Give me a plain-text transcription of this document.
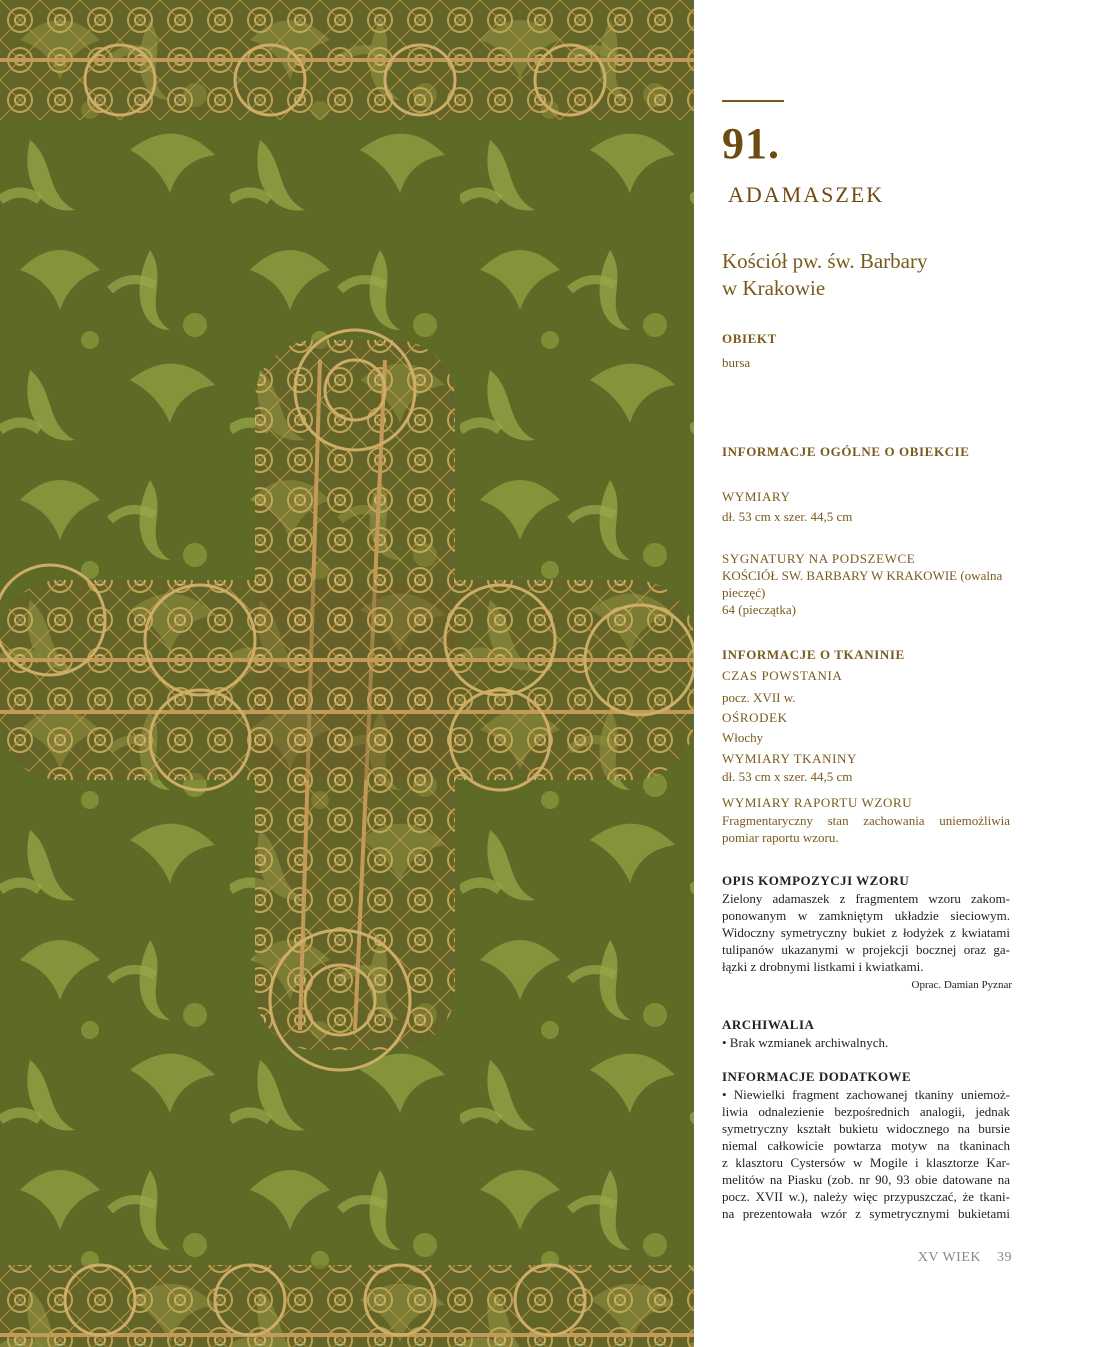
91.
ADAMASZEK
Kościół pw. św. Barbary
w Krakowie
OBIEKT
bursa
INFORMACJE OGÓLNE O OBIEKCIE
WYMIARY
dł. 53 cm x szer. 44,5 cm
SYGNATURY NA PODSZEWCE
KOŚCIÓŁ SW. BARBARY W KRAKOWIE (owalna
pieczęć)
64 (pieczątka)
INFORMACJE O TKANINIE
CZAS POWSTANIA
pocz. XVII w.
OŚRODEK
Włochy
WYMIARY TKANINY
dł. 53 cm x szer. 44,5 cm
WYMIARY RAPORTU WZORU
Fragmentaryczny stan zachowania uniemożliwia
pomiar raportu wzoru.
OPIS KOMPOZYCJI WZORU
Zielony adamaszek z fragmentem wzoru zakom-
ponowanym w zamkniętym układzie sieciowym.
Widoczny symetryczny bukiet z łodyżek z kwiatami
tulipanów ukazanymi w projekcji bocznej oraz ga-
łązki z drobnymi listkami i kwiatkami.
Oprac. Damian Pyznar
ARCHIWALIA
• Brak wzmianek archiwalnych.
INFORMACJE DODATKOWE
• Niewielki fragment zachowanej tkaniny uniemoż-
liwia odnalezienie bezpośrednich analogii, jednak
symetryczny kształt bukietu widocznego na bursie
niemal całkowicie powtarza motyw na tkaninach
z klasztoru Cystersów w Mogile i klasztorze Kar-
melitów na Piasku (zob. nr 90, 93 obie datowane na
pocz. XVII w.), należy więc przypuszczać, że tkani-
na prezentowała wzór z symetrycznymi bukietami
XV WIEK 39
